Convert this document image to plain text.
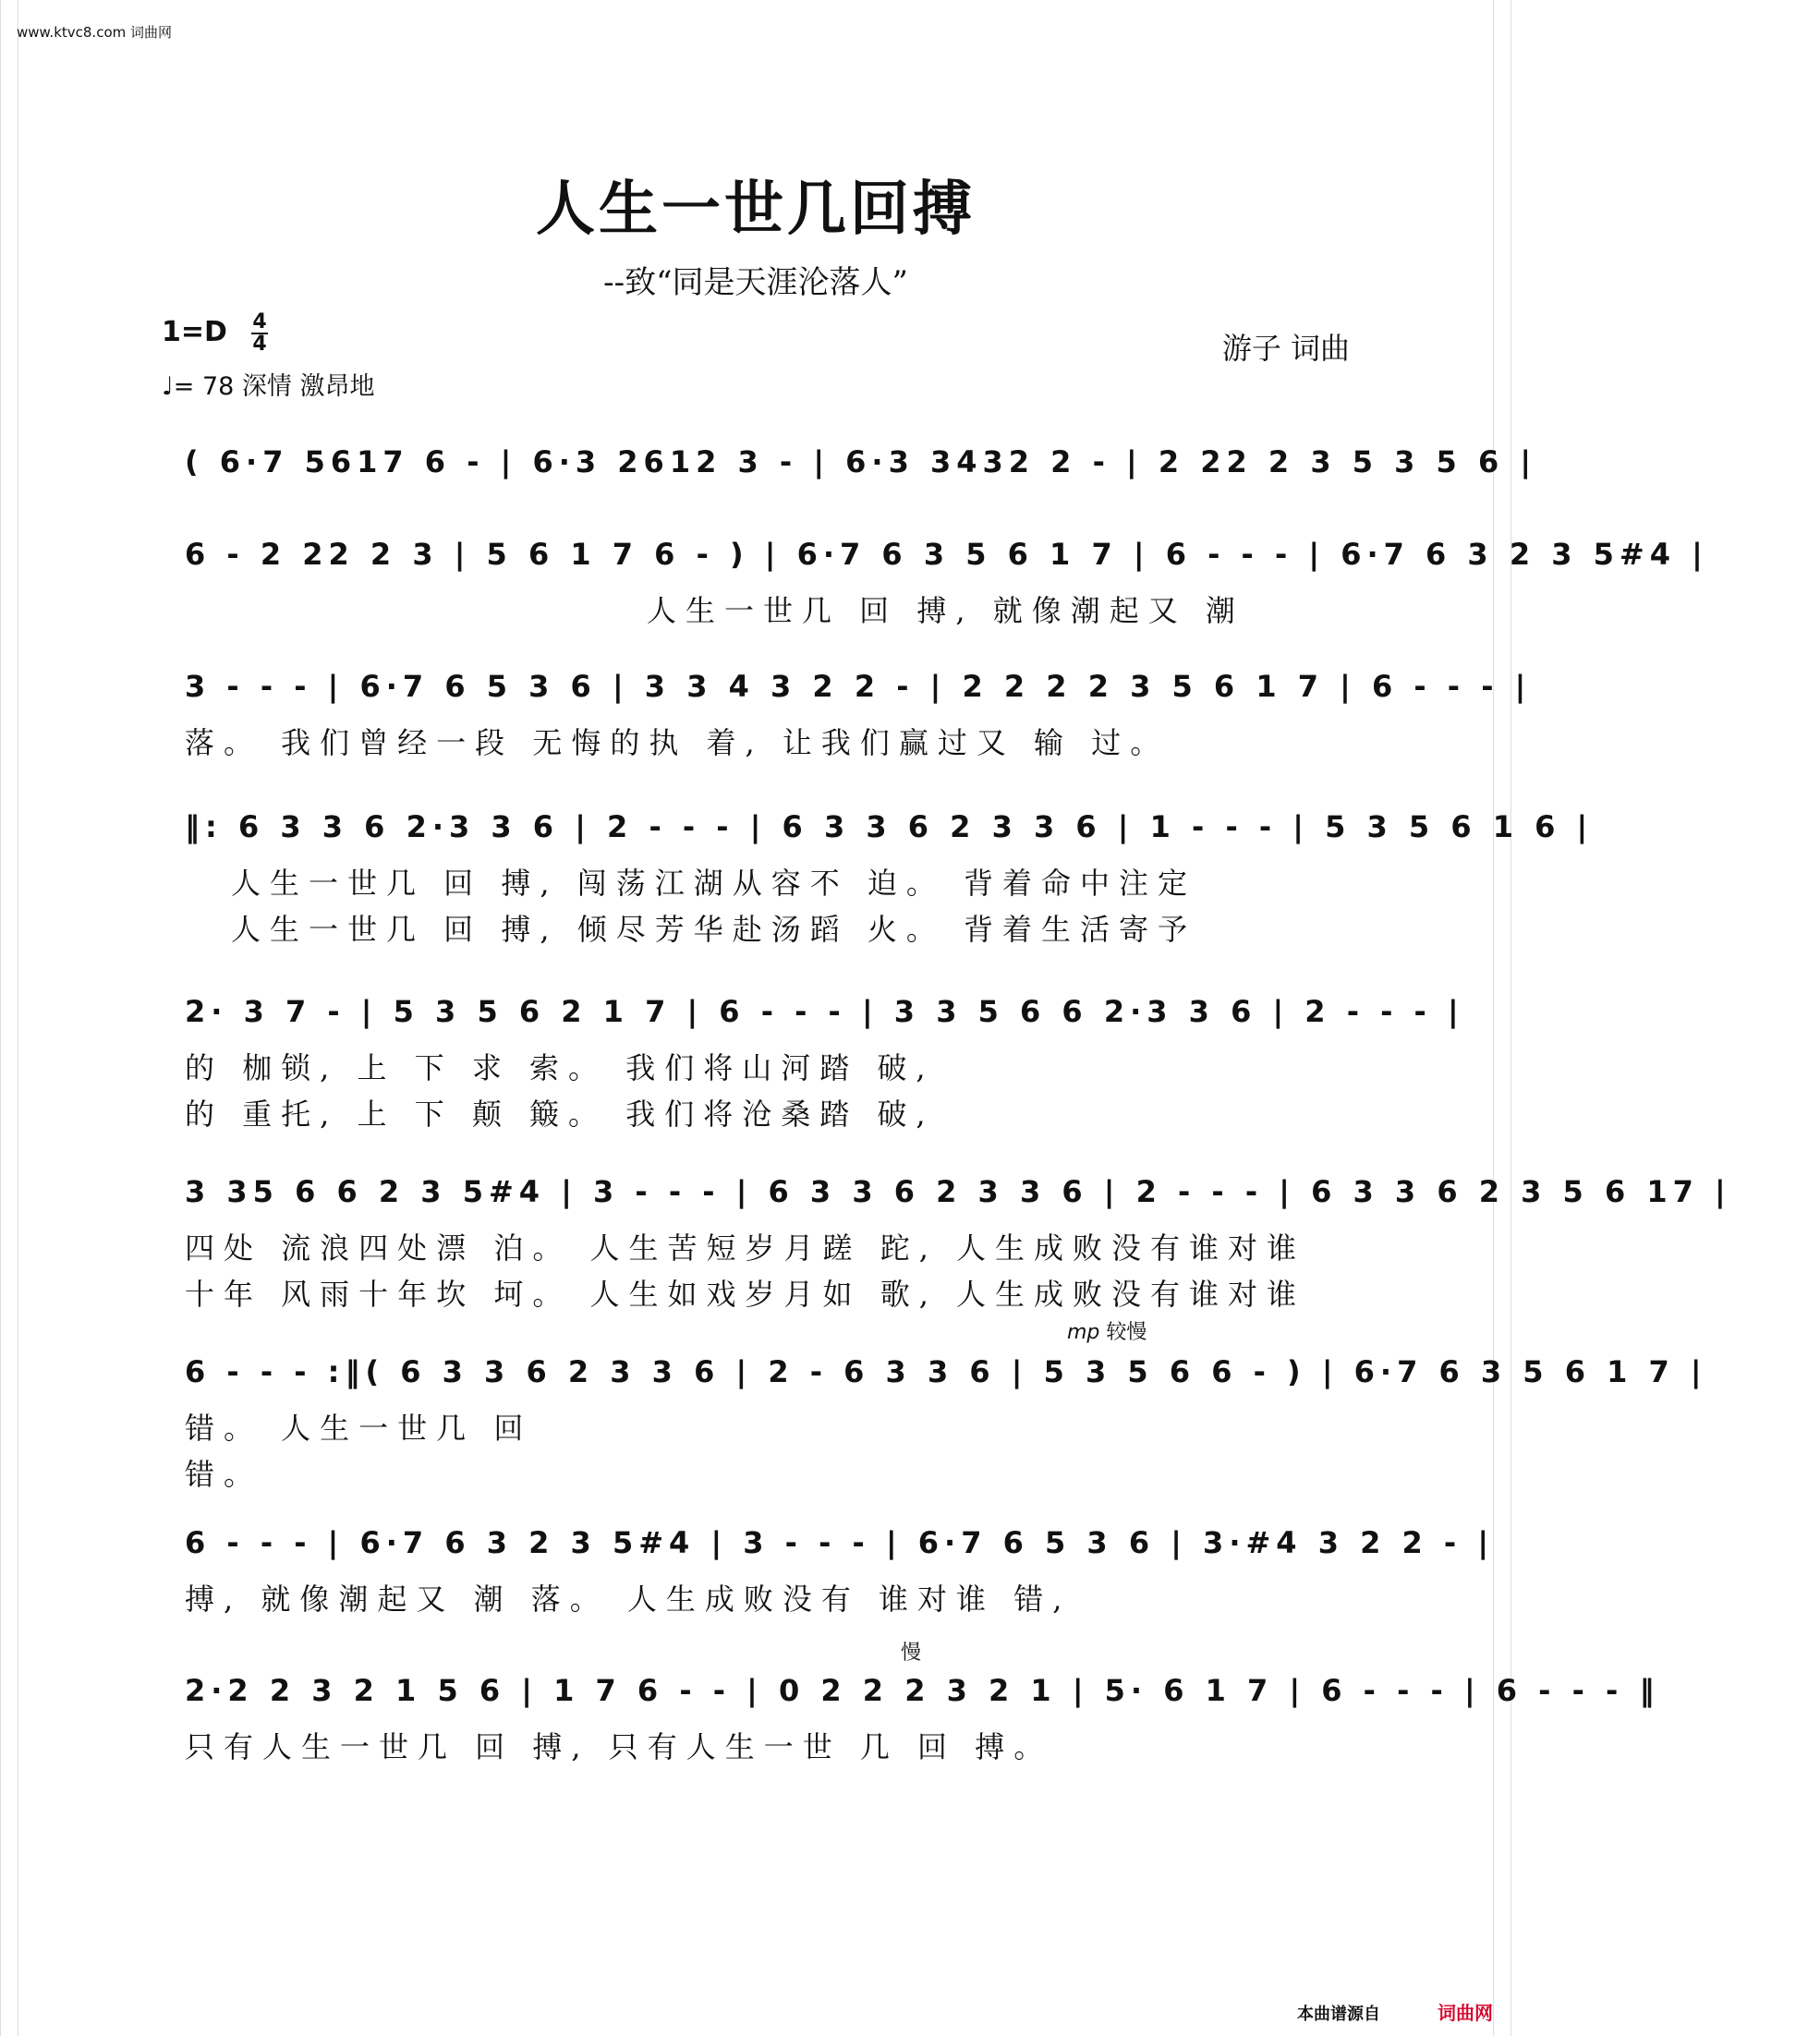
www.ktvc8.com 词曲网
人生一世几回搏
--致“同是天涯沦落人”
1=D 4
4
♩= 78 深情 激昂地
游子 词曲
( 6·7 5617 6 - | 6·3 2612 3 - | 6·3 3432 2 - | 2 22 2 3 5 3 5 6 |
6 - 2 22 2 3 | 5 6 1 7 6 - ) | 6·7 6 3 5 6 1 7 | 6 - - - | 6·7 6 3 2 3 5#4 |
人生一世几 回 搏, 就像潮起又 潮
3 - - - | 6·7 6 5 3 6 | 3 3 4 3 2 2 - | 2 2 2 2 3 5 6 1 7 | 6 - - - |
落。 我们曾经一段 无悔的执 着, 让我们赢过又 输 过。
‖: 6 3 3 6 2·3 3 6 | 2 - - - | 6 3 3 6 2 3 3 6 | 1 - - - | 5 3 5 6 1 6 |
人生一世几 回 搏, 闯荡江湖从容不 迫。 背着命中注定
人生一世几 回 搏, 倾尽芳华赴汤蹈 火。 背着生活寄予
2· 3 7 - | 5 3 5 6 2 1 7 | 6 - - - | 3 3 5 6 6 2·3 3 6 | 2 - - - |
的 枷锁, 上 下 求 索。 我们将山河踏 破,
的 重托, 上 下 颠 簸。 我们将沧桑踏 破,
3 35 6 6 2 3 5#4 | 3 - - - | 6 3 3 6 2 3 3 6 | 2 - - - | 6 3 3 6 2 3 5 6 17 |
四处 流浪四处漂 泊。 人生苦短岁月蹉 跎, 人生成败没有谁对谁
十年 风雨十年坎 坷。 人生如戏岁月如 歌, 人生成败没有谁对谁
mp 较慢
6 - - - :‖( 6 3 3 6 2 3 3 6 | 2 - 6 3 3 6 | 5 3 5 6 6 - ) | 6·7 6 3 5 6 1 7 |
错。 人生一世几 回
错。
6 - - - | 6·7 6 3 2 3 5#4 | 3 - - - | 6·7 6 5 3 6 | 3·#4 3 2 2 - |
搏, 就像潮起又 潮 落。 人生成败没有 谁对谁 错,
慢
2·2 2 3 2 1 5 6 | 1 7 6 - - | 0 2 2 2 3 2 1 | 5· 6 1 7 | 6 - - - | 6 - - - ‖
只有人生一世几 回 搏, 只有人生一世 几 回 搏。
本曲谱源自	词曲网
